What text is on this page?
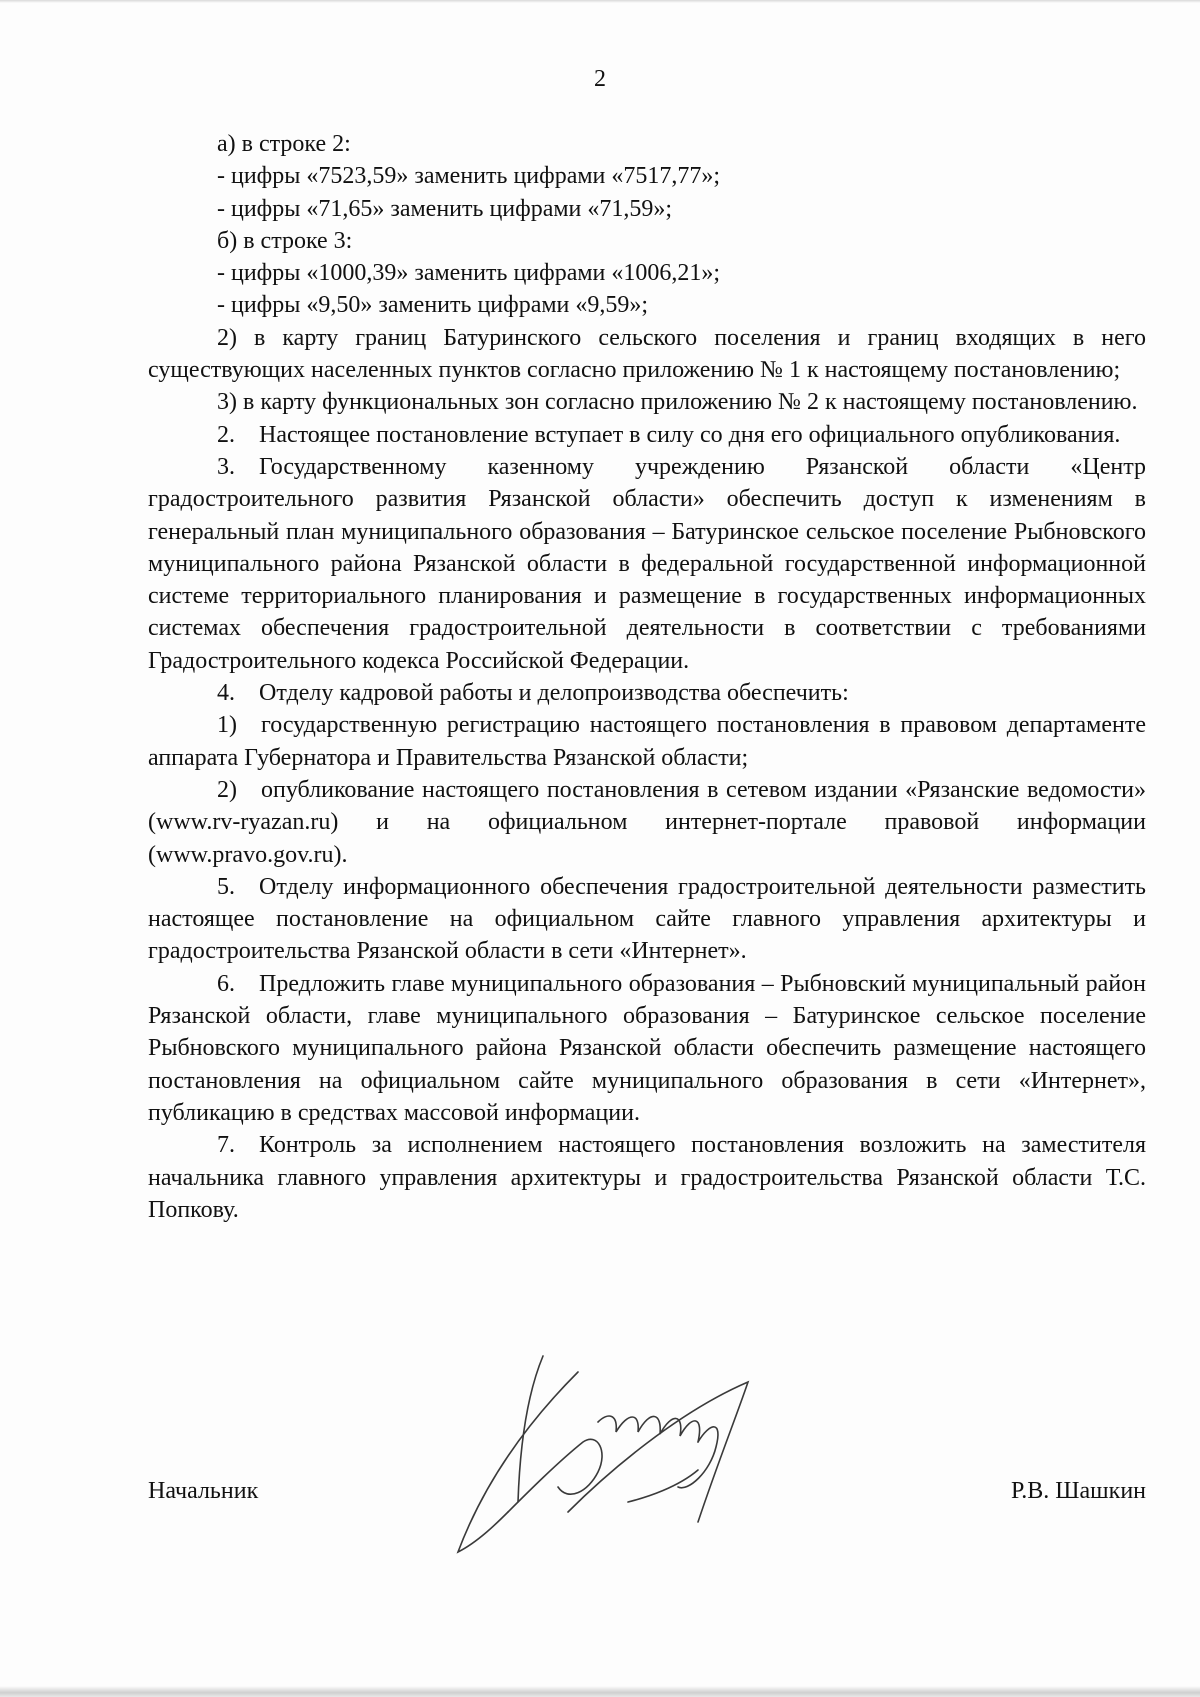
2

а) в строке 2:

- цифры «7523,59» заменить цифрами «7517,77»;

- цифры «71,65» заменить цифрами «71,59»;

б) в строке 3:

- цифры «1000,39» заменить цифрами «1006,21»;

- цифры «9,50» заменить цифрами «9,59»;

2) в карту границ Батуринского сельского поселения и границ входящих в него существующих населенных пунктов согласно приложению № 1 к настоящему постановлению;

3) в карту функциональных зон согласно приложению № 2 к настоящему постановлению.

2. Настоящее постановление вступает в силу со дня его официального опубликования.

3. Государственному казенному учреждению Рязанской области «Центр градостроительного развития Рязанской области» обеспечить доступ к изменениям в генеральный план муниципального образования – Батуринское сельское поселение Рыбновского муниципального района Рязанской области в федеральной государственной информационной системе территориального планирования и размещение в государственных информационных системах обеспечения градостроительной деятельности в соответствии с требованиями Градостроительного кодекса Российской Федерации.

4. Отделу кадровой работы и делопроизводства обеспечить:

1) государственную регистрацию настоящего постановления в правовом департаменте аппарата Губернатора и Правительства Рязанской области;

2) опубликование настоящего постановления в сетевом издании «Рязанские ведомости» (www.rv-ryazan.ru) и на официальном интернет-портале правовой информации (www.pravo.gov.ru).

5. Отделу информационного обеспечения градостроительной деятельности разместить настоящее постановление на официальном сайте главного управления архитектуры и градостроительства Рязанской области в сети «Интернет».

6. Предложить главе муниципального образования – Рыбновский муниципальный район Рязанской области, главе муниципального образования – Батуринское сельское поселение Рыбновского муниципального района Рязанской области обеспечить размещение настоящего постановления на официальном сайте муниципального образования в сети «Интернет», публикацию в средствах массовой информации.

7. Контроль за исполнением настоящего постановления возложить на заместителя начальника главного управления архитектуры и градостроительства Рязанской области Т.С. Попкову.

Начальник	Р.В. Шашкин
